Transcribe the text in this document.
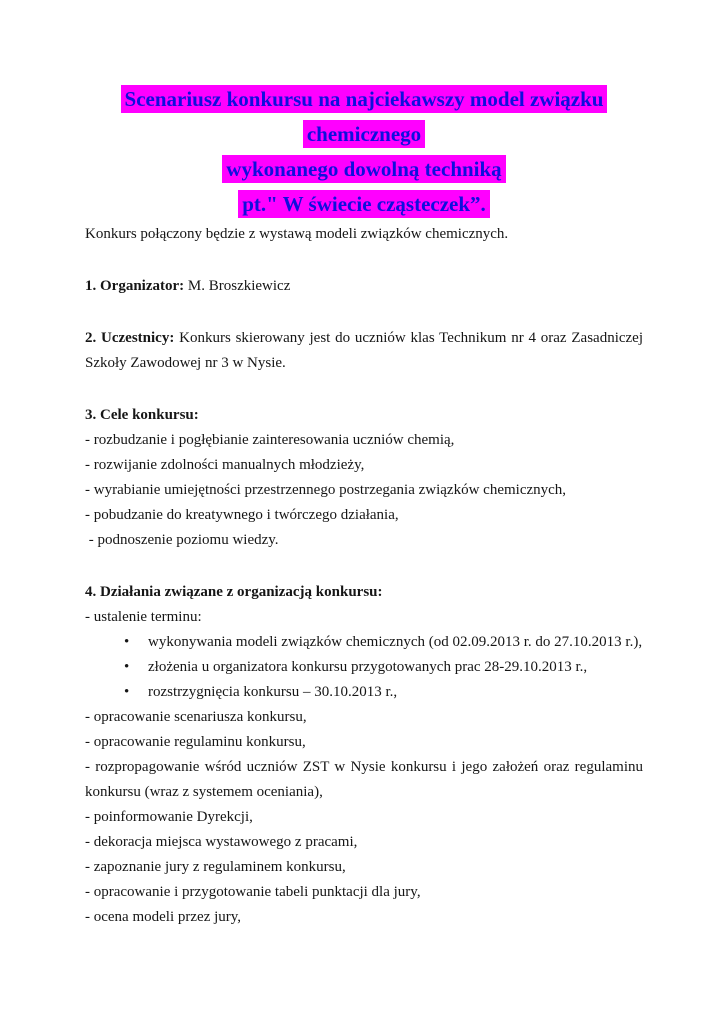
Scenariusz konkursu na najciekawszy model związku
chemicznego
wykonanego dowolną techniką
pt." W świecie cząsteczek”.

Konkurs połączony będzie z wystawą modeli związków chemicznych.

1. Organizator: M. Broszkiewicz

2. Uczestnicy: Konkurs skierowany jest do uczniów klas Technikum nr 4 oraz Zasadniczej Szkoły Zawodowej nr 3 w Nysie.

3. Cele konkursu:

- rozbudzanie i pogłębianie zainteresowania uczniów chemią,

- rozwijanie zdolności manualnych młodzieży,

- wyrabianie umiejętności przestrzennego postrzegania związków chemicznych,

- pobudzanie do kreatywnego i twórczego działania,

- podnoszenie poziomu wiedzy.

4. Działania związane z organizacją konkursu:

- ustalenie terminu:

• wykonywania modeli związków chemicznych (od 02.09.2013 r. do 27.10.2013 r.),
• złożenia u organizatora konkursu przygotowanych prac 28-29.10.2013 r.,
• rozstrzygnięcia konkursu – 30.10.2013 r.,

- opracowanie scenariusza konkursu,

- opracowanie regulaminu konkursu,

- rozpropagowanie wśród uczniów ZST w Nysie konkursu i jego założeń oraz regulaminu konkursu (wraz z systemem oceniania),

- poinformowanie Dyrekcji,

- dekoracja miejsca wystawowego z pracami,

- zapoznanie jury z regulaminem konkursu,

- opracowanie i przygotowanie tabeli punktacji dla jury,

- ocena modeli przez jury,
